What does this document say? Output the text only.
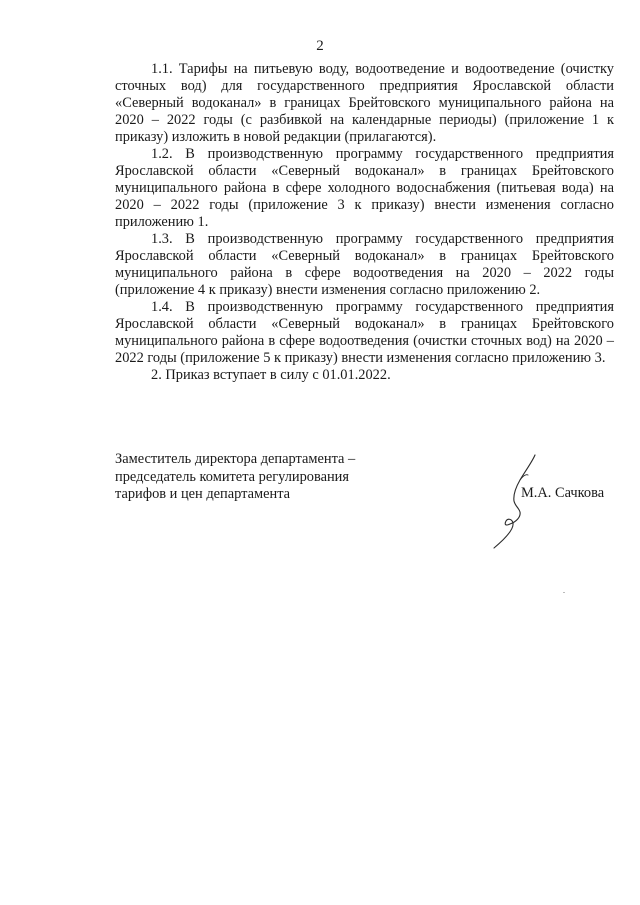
2

1.1. Тарифы на питьевую воду, водоотведение и водоотведение (очистку сточных вод) для государственного предприятия Ярославской области «Северный водоканал» в границах Брейтовского муниципального района на 2020 – 2022 годы (с разбивкой на календарные периоды) (приложение 1 к приказу) изложить в новой редакции (прилагаются).

1.2. В производственную программу государственного предприятия Ярославской области «Северный водоканал» в границах Брейтовского муниципального района в сфере холодного водоснабжения (питьевая вода) на 2020 – 2022 годы (приложение 3 к приказу) внести изменения согласно приложению 1.

1.3. В производственную программу государственного предприятия Ярославской области «Северный водоканал» в границах Брейтовского муниципального района в сфере водоотведения на 2020 – 2022 годы (приложение 4 к приказу) внести изменения согласно приложению 2.

1.4. В производственную программу государственного предприятия Ярославской области «Северный водоканал» в границах Брейтовского муниципального района в сфере водоотведения (очистки сточных вод) на 2020 – 2022 годы (приложение 5 к приказу) внести изменения согласно приложению 3.

2. Приказ вступает в силу с 01.01.2022.

Заместитель директора департамента –
председатель комитета регулирования
тарифов и цен департамента	М.А. Сачкова
